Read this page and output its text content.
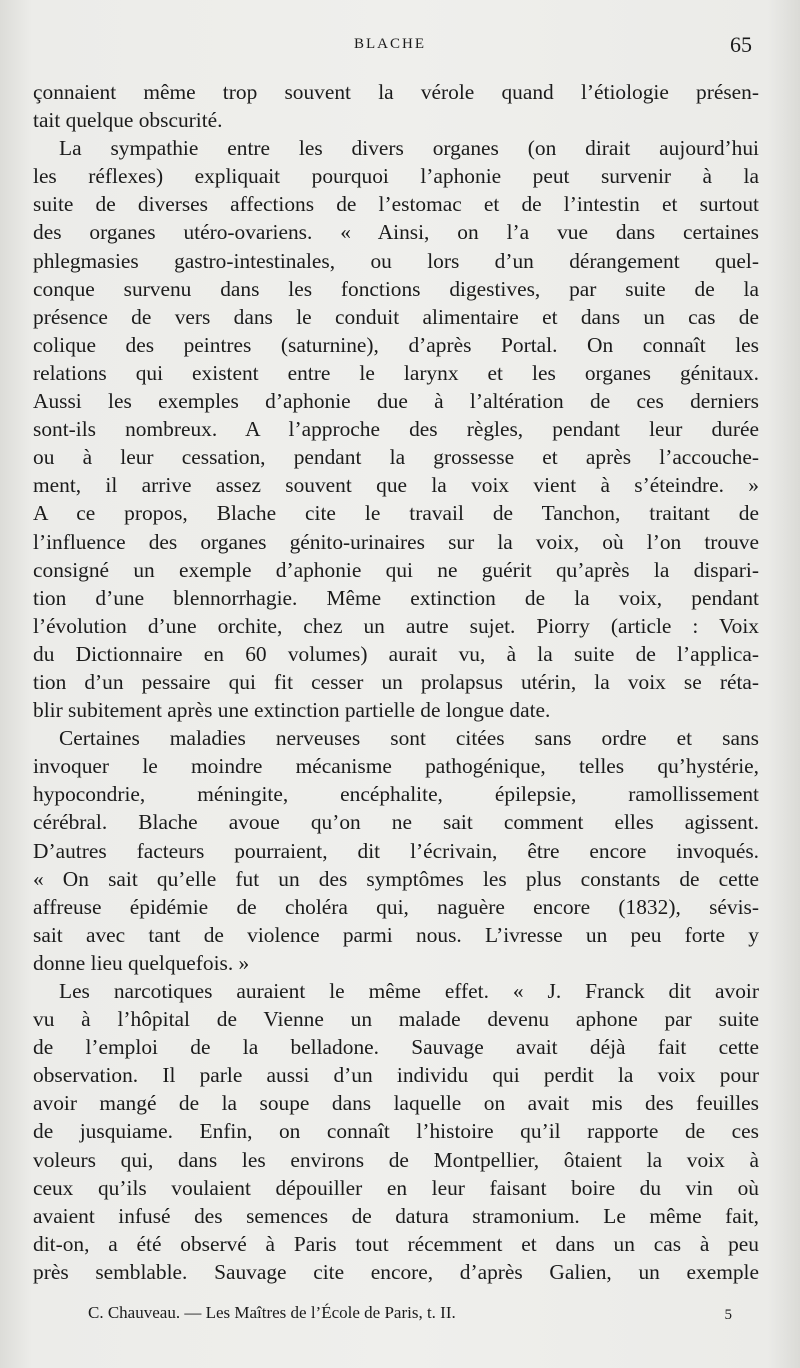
BLACHE	65
çonnaient même trop souvent la vérole quand l’étiologie présen-
tait quelque obscurité.
La sympathie entre les divers organes (on dirait aujourd’hui
les réflexes) expliquait pourquoi l’aphonie peut survenir à la
suite de diverses affections de l’estomac et de l’intestin et surtout
des organes utéro-ovariens. « Ainsi, on l’a vue dans certaines
phlegmasies gastro-intestinales, ou lors d’un dérangement quel-
conque survenu dans les fonctions digestives, par suite de la
présence de vers dans le conduit alimentaire et dans un cas de
colique des peintres (saturnine), d’après Portal. On connaît les
relations qui existent entre le larynx et les organes génitaux.
Aussi les exemples d’aphonie due à l’altération de ces derniers
sont-ils nombreux. A l’approche des règles, pendant leur durée
ou à leur cessation, pendant la grossesse et après l’accouche-
ment, il arrive assez souvent que la voix vient à s’éteindre. »
A ce propos, Blache cite le travail de Tanchon, traitant de
l’influence des organes génito-urinaires sur la voix, où l’on trouve
consigné un exemple d’aphonie qui ne guérit qu’après la dispari-
tion d’une blennorrhagie. Même extinction de la voix, pendant
l’évolution d’une orchite, chez un autre sujet. Piorry (article : Voix
du Dictionnaire en 60 volumes) aurait vu, à la suite de l’applica-
tion d’un pessaire qui fit cesser un prolapsus utérin, la voix se réta-
blir subitement après une extinction partielle de longue date.
Certaines maladies nerveuses sont citées sans ordre et sans
invoquer le moindre mécanisme pathogénique, telles qu’hystérie,
hypocondrie, méningite, encéphalite, épilepsie, ramollissement
cérébral. Blache avoue qu’on ne sait comment elles agissent.
D’autres facteurs pourraient, dit l’écrivain, être encore invoqués.
« On sait qu’elle fut un des symptômes les plus constants de cette
affreuse épidémie de choléra qui, naguère encore (1832), sévis-
sait avec tant de violence parmi nous. L’ivresse un peu forte y
donne lieu quelquefois. »
Les narcotiques auraient le même effet. « J. Franck dit avoir
vu à l’hôpital de Vienne un malade devenu aphone par suite
de l’emploi de la belladone. Sauvage avait déjà fait cette
observation. Il parle aussi d’un individu qui perdit la voix pour
avoir mangé de la soupe dans laquelle on avait mis des feuilles
de jusquiame. Enfin, on connaît l’histoire qu’il rapporte de ces
voleurs qui, dans les environs de Montpellier, ôtaient la voix à
ceux qu’ils voulaient dépouiller en leur faisant boire du vin où
avaient infusé des semences de datura stramonium. Le même fait,
dit-on, a été observé à Paris tout récemment et dans un cas à peu
près semblable. Sauvage cite encore, d’après Galien, un exemple
C. Chauveau. — Les Maîtres de l’École de Paris, t. II.	5
